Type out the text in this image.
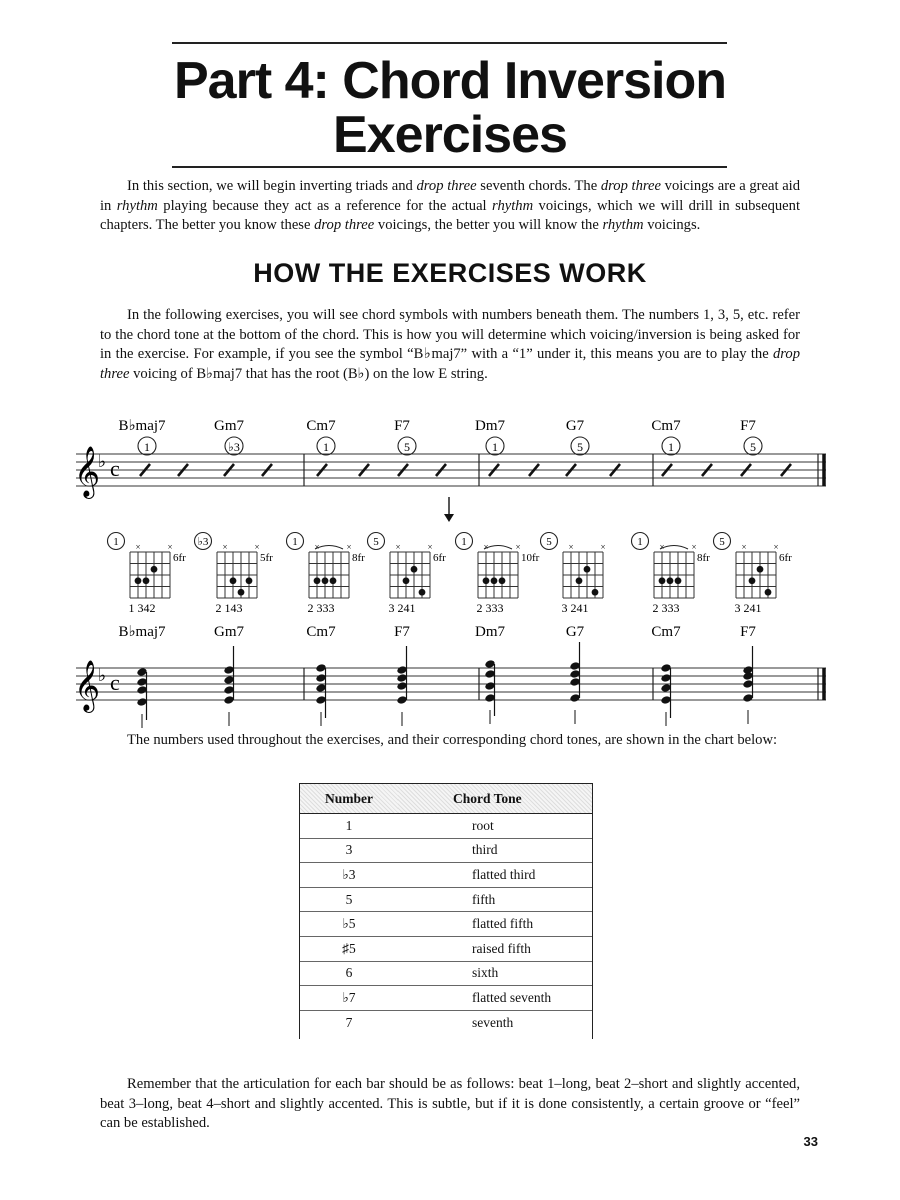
Part 4: Chord Inversion
Exercises

In this section, we will begin inverting triads and drop three seventh chords. The drop three voicings are a great aid in rhythm playing because they act as a reference for the actual rhythm voicings, which we will drill in subsequent chapters. The better you know these drop three voicings, the better you will know the rhythm voicings.

HOW THE EXERCISES WORK

In the following exercises, you will see chord symbols with numbers beneath them. The numbers 1, 3, 5, etc. refer to the chord tone at the bottom of the chord. This is how you will determine which voicing/inversion is being asked for in the exercise. For example, if you see the symbol “B♭maj7” with a “1” under it, this means you are to play the drop three voicing of B♭maj7 that has the root (B♭) on the low E string.

𝄞
♭ c
B♭maj7
1
Gm7
♭3
Cm7
1
F7
5
Dm7
1
G7
5
Cm7
1
F7
5
6fr
1 ×	×
1 342
B♭maj7
5fr
♭3 ×	×
2 143
Gm7
8fr
1 ×	×
2 333
Cm7
6fr
5 ×	×
3 241
F7
10fr
1 ×	×
2 333
Dm7
5 ×	×
3 241
G7
8fr
1 ×	×
2 333
Cm7
6fr
5 ×	×
3 241
F7
𝄞
♭ c

The numbers used throughout the exercises, and their corresponding chord tones, are shown in the chart below:

Number	Chord Tone
1	root
3	third
♭3	flatted third
5	fifth
♭5	flatted fifth
♯5	raised fifth
6	sixth
♭7	flatted seventh
7	seventh

Remember that the articulation for each bar should be as follows: beat 1–long, beat 2–short and slightly accented, beat 3–long, beat 4–short and slightly accented. This is subtle, but if it is done consistently, a certain groove or “feel” can be established.

33
